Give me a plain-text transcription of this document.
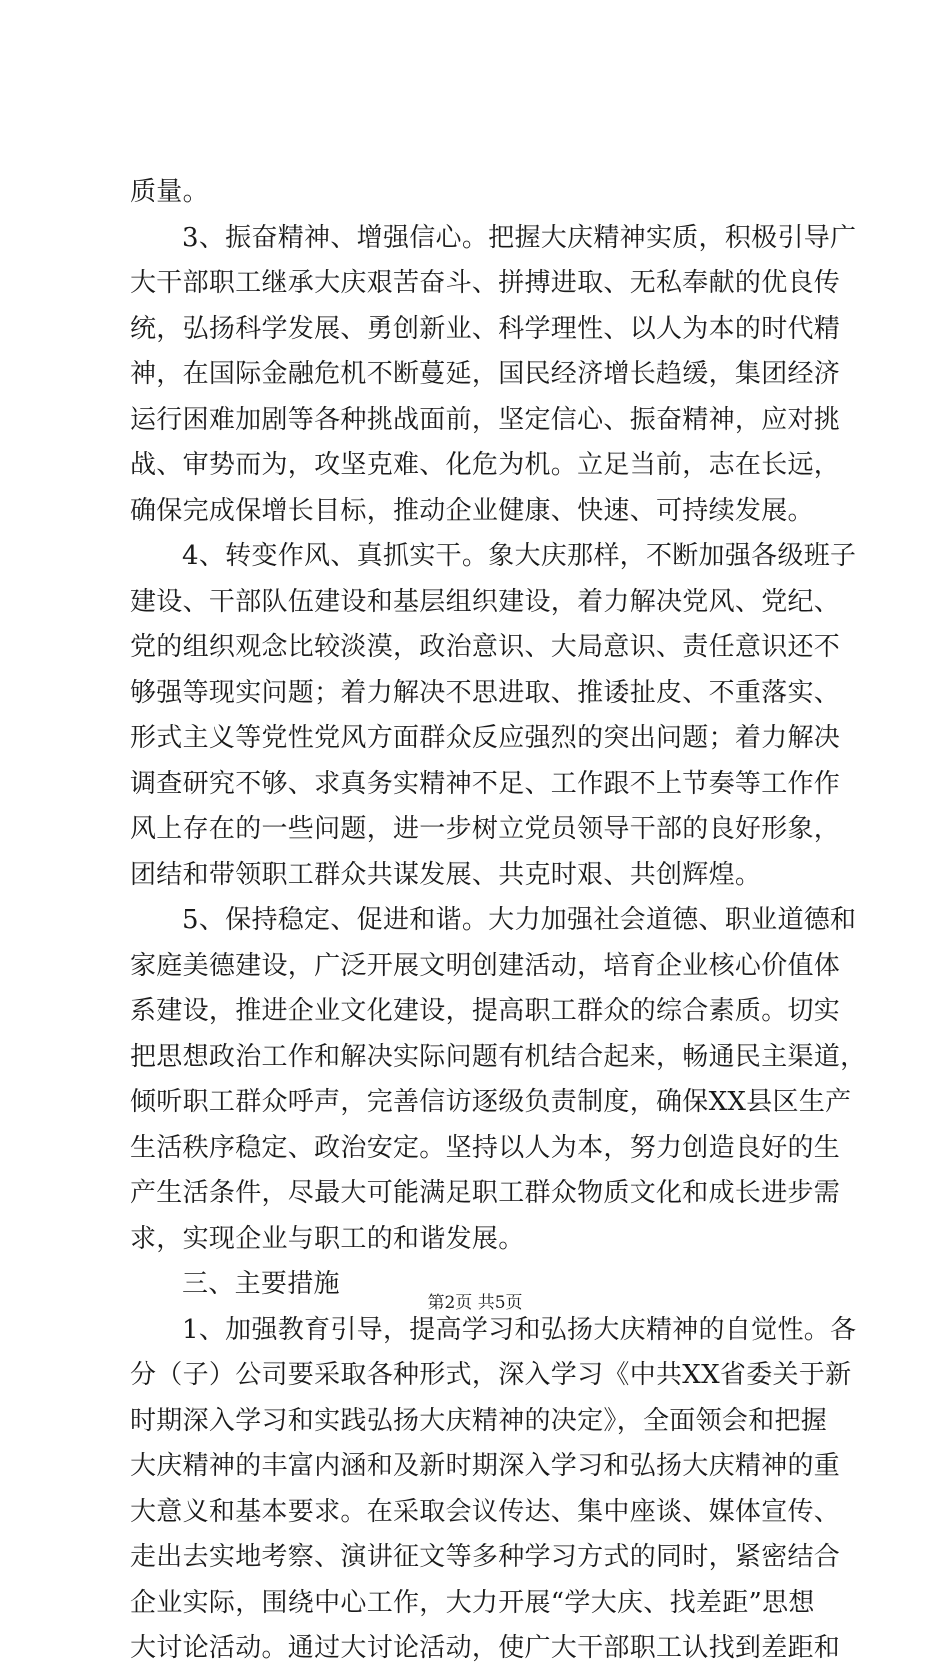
质量。
3、振奋精神、增强信心。把握大庆精神实质，积极引导广
大干部职工继承大庆艰苦奋斗、拼搏进取、无私奉献的优良传
统，弘扬科学发展、勇创新业、科学理性、以人为本的时代精
神，在国际金融危机不断蔓延，国民经济增长趋缓，集团经济
运行困难加剧等各种挑战面前，坚定信心、振奋精神，应对挑
战、审势而为，攻坚克难、化危为机。立足当前，志在长远，
确保完成保增长目标，推动企业健康、快速、可持续发展。
4、转变作风、真抓实干。象大庆那样，不断加强各级班子
建设、干部队伍建设和基层组织建设，着力解决党风、党纪、
党的组织观念比较淡漠，政治意识、大局意识、责任意识还不
够强等现实问题；着力解决不思进取、推诿扯皮、不重落实、
形式主义等党性党风方面群众反应强烈的突出问题；着力解决
调查研究不够、求真务实精神不足、工作跟不上节奏等工作作
风上存在的一些问题，进一步树立党员领导干部的良好形象，
团结和带领职工群众共谋发展、共克时艰、共创辉煌。
5、保持稳定、促进和谐。大力加强社会道德、职业道德和
家庭美德建设，广泛开展文明创建活动，培育企业核心价值体
系建设，推进企业文化建设，提高职工群众的综合素质。切实
把思想政治工作和解决实际问题有机结合起来，畅通民主渠道，
倾听职工群众呼声，完善信访逐级负责制度，确保XX县区生产
生活秩序稳定、政治安定。坚持以人为本，努力创造良好的生
产生活条件，尽最大可能满足职工群众物质文化和成长进步需
求，实现企业与职工的和谐发展。
三、主要措施
1、加强教育引导，提高学习和弘扬大庆精神的自觉性。各
分（子）公司要采取各种形式，深入学习《中共XX省委关于新
时期深入学习和实践弘扬大庆精神的决定》，全面领会和把握
大庆精神的丰富内涵和及新时期深入学习和弘扬大庆精神的重
大意义和基本要求。在采取会议传达、集中座谈、媒体宣传、
走出去实地考察、演讲征文等多种学习方式的同时，紧密结合
企业实际，围绕中心工作，大力开展“学大庆、找差距”思想
大讨论活动。通过大讨论活动，使广大干部职工认找到差距和
第2页 共5页
